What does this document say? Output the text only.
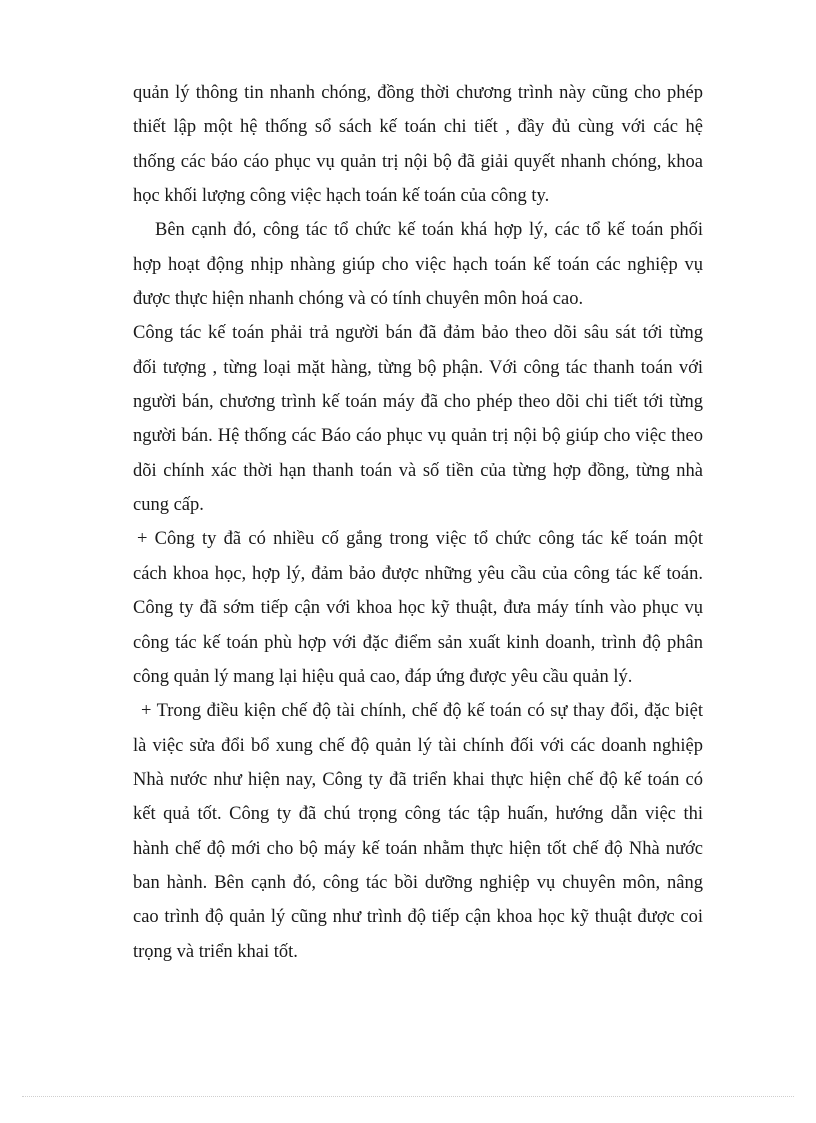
quản lý thông tin nhanh chóng, đồng thời chương trình này cũng cho phép
thiết lập một hệ thống sổ sách kế toán chi tiết , đầy đủ cùng với các hệ
thống các báo cáo phục vụ quản trị nội bộ đã giải quyết nhanh chóng, khoa
học khối lượng công việc hạch toán kế toán của công ty.
Bên cạnh đó, công tác tổ chức kế toán khá hợp lý, các tổ kế toán phối
hợp hoạt động nhịp nhàng giúp cho việc hạch toán kế toán các nghiệp vụ
được thực hiện nhanh chóng và có tính chuyên môn hoá cao.
Công tác kế toán phải trả người bán đã đảm bảo theo dõi sâu sát tới từng
đối tượng , từng loại mặt hàng, từng bộ phận. Với công tác thanh toán với
người bán, chương trình kế toán máy đã cho phép theo dõi chi tiết tới từng
người bán. Hệ thống các Báo cáo phục vụ quản trị nội bộ giúp cho việc theo
dõi chính xác thời hạn thanh toán và số tiền của từng hợp đồng, từng nhà
cung cấp.
+ Công ty đã có nhiều cố gắng trong việc tổ chức công tác kế toán một
cách khoa học, hợp lý, đảm bảo được những yêu cầu của công tác kế toán.
Công ty đã sớm tiếp cận với khoa học kỹ thuật, đưa máy tính vào phục vụ
công tác kế toán phù hợp với đặc điểm sản xuất kinh doanh, trình độ phân
công quản lý mang lại hiệu quả cao, đáp ứng được yêu cầu quản lý.
+ Trong điều kiện chế độ tài chính, chế độ kế toán có sự thay đổi, đặc biệt
là việc sửa đổi bổ xung chế độ quản lý tài chính đối với các doanh nghiệp
Nhà nước như hiện nay, Công ty đã triển khai thực hiện chế độ kế toán có
kết quả tốt. Công ty đã chú trọng công tác tập huấn, hướng dẫn việc thi
hành chế độ mới cho bộ máy kế toán nhằm thực hiện tốt chế độ Nhà nước
ban hành. Bên cạnh đó, công tác bồi dưỡng nghiệp vụ chuyên môn, nâng
cao trình độ quản lý cũng như trình độ tiếp cận khoa học kỹ thuật được coi
trọng và triển khai tốt.
